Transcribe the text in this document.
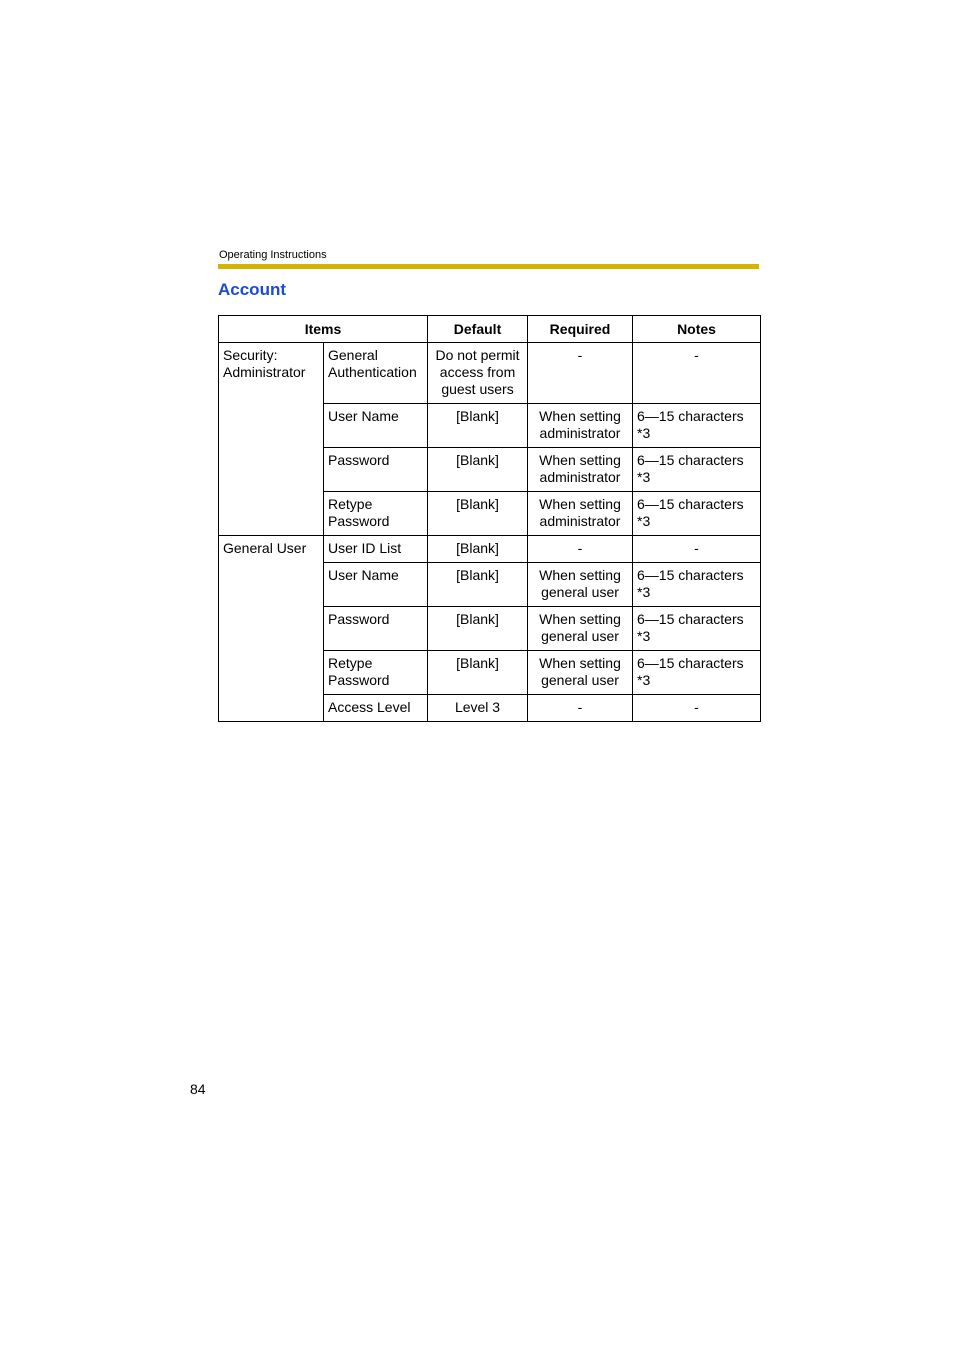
Operating Instructions
Account
Items		Default	Required	Notes
Security: Administrator	General Authentication	Do not permit access from guest users	-	-
	User Name	[Blank]	When setting administrator	6—15 characters *3
	Password	[Blank]	When setting administrator	6—15 characters *3
	Retype Password	[Blank]	When setting administrator	6—15 characters *3
General User	User ID List	[Blank]	-	-
	User Name	[Blank]	When setting general user	6—15 characters *3
	Password	[Blank]	When setting general user	6—15 characters *3
	Retype Password	[Blank]	When setting general user	6—15 characters *3
	Access Level	Level 3	-	-
84
